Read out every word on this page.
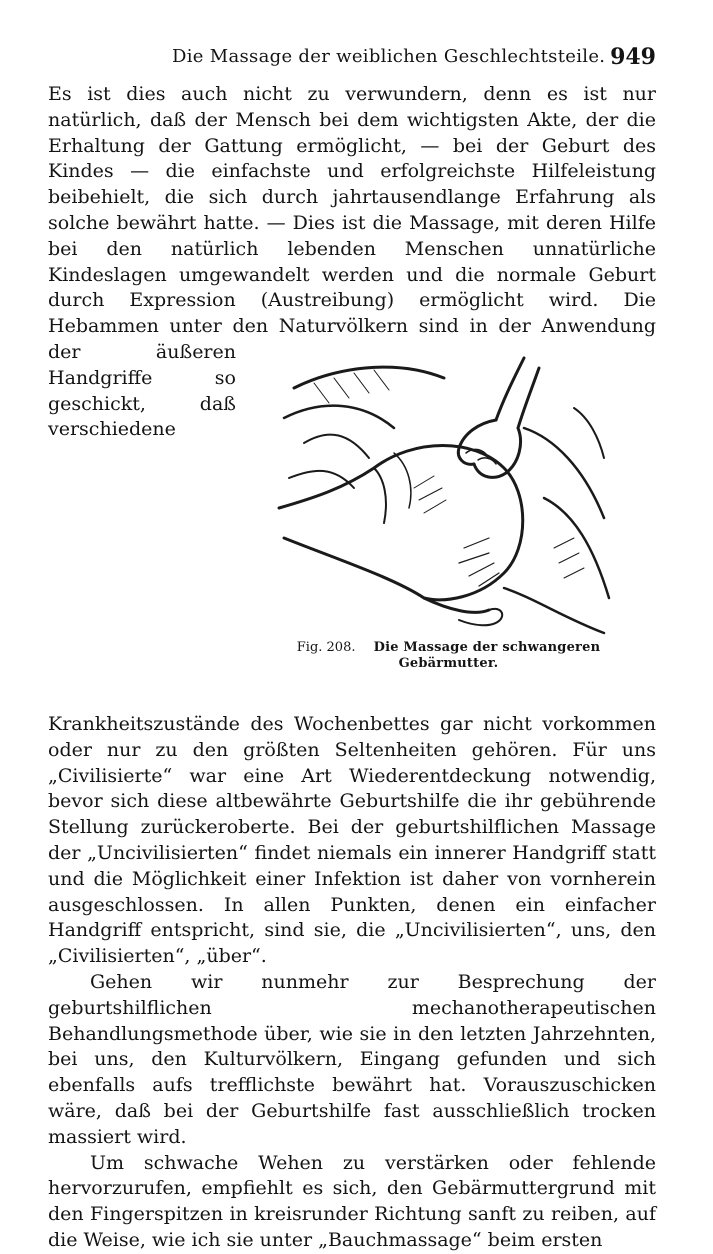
Die Massage der weiblichen Geschlechtsteile. 949

Es ist dies auch nicht zu verwundern, denn es ist nur natürlich, daß der Mensch bei dem wichtigsten Akte, der die Erhaltung der Gattung ermöglicht, — bei der Geburt des Kindes — die einfachste und erfolgreichste Hilfeleistung beibehielt, die sich durch jahrtausendlange Erfahrung als solche bewährt hatte. — Dies ist die Massage, mit deren Hilfe bei den natürlich lebenden Menschen unnatürliche Kindeslagen umgewandelt werden und die normale Geburt durch Expression (Austreibung) ermöglicht wird. Die Hebammen unter den
Fig. 208. Die Massage der schwangeren Gebärmutter.
Naturvölkern sind in der Anwendung der äußeren Handgriffe so geschickt, daß verschiedene Krankheitszustände des Wochenbettes gar nicht vorkommen oder nur zu den größten Seltenheiten gehören. Für uns „Civilisierte“ war eine Art Wiederentdeckung notwendig, bevor sich diese altbewährte Geburtshilfe die ihr gebührende Stellung zurückeroberte. Bei der geburtshilflichen Massage der „Uncivilisierten“ findet niemals ein innerer Handgriff statt und die Möglichkeit einer Infektion ist daher von vornherein ausgeschlossen. In allen Punkten, denen ein einfacher Handgriff entspricht, sind sie, die „Uncivilisierten“, uns, den „Civilisierten“, „über“.

Gehen wir nunmehr zur Besprechung der geburtshilflichen mechanotherapeutischen Behandlungsmethode über, wie sie in den letzten Jahrzehnten, bei uns, den Kulturvölkern, Eingang gefunden und sich ebenfalls aufs trefflichste bewährt hat. Vorauszuschicken wäre, daß bei der Geburtshilfe fast ausschließlich trocken massiert wird.

Um schwache Wehen zu verstärken oder fehlende hervorzurufen, empfiehlt es sich, den Gebärmuttergrund mit den Fingerspitzen in kreisrunder Richtung sanft zu reiben, auf die Weise, wie ich sie unter „Bauchmassage“ beim ersten
